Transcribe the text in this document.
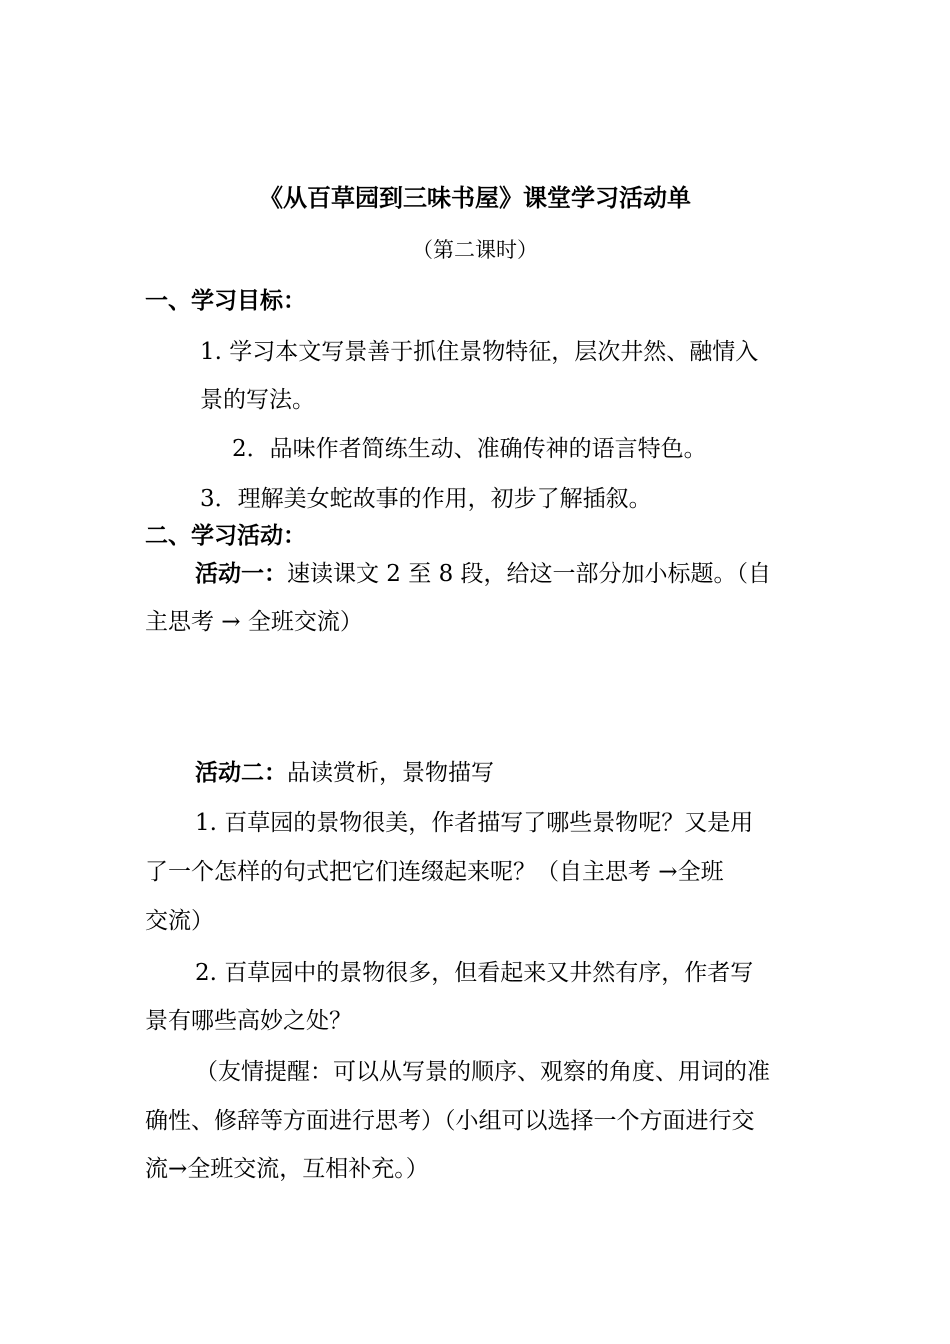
《从百草园到三味书屋》课堂学习活动单
（第二课时）
一、学习目标：
1. 学习本文写景善于抓住景物特征，层次井然、融情入
景的写法。
2．品味作者简练生动、准确传神的语言特色。
3．理解美女蛇故事的作用，初步了解插叙。
二、学习活动：
活动一：速读课文 2 至 8 段，给这一部分加小标题。（自
主思考 → 全班交流）
活动二：品读赏析，景物描写
1. 百草园的景物很美，作者描写了哪些景物呢？又是用
了一个怎样的句式把它们连缀起来呢？（自主思考 →全班
交流）
2. 百草园中的景物很多，但看起来又井然有序，作者写
景有哪些高妙之处？
（友情提醒：可以从写景的顺序、观察的角度、用词的准
确性、修辞等方面进行思考）（小组可以选择一个方面进行交
流→全班交流，互相补充。）
